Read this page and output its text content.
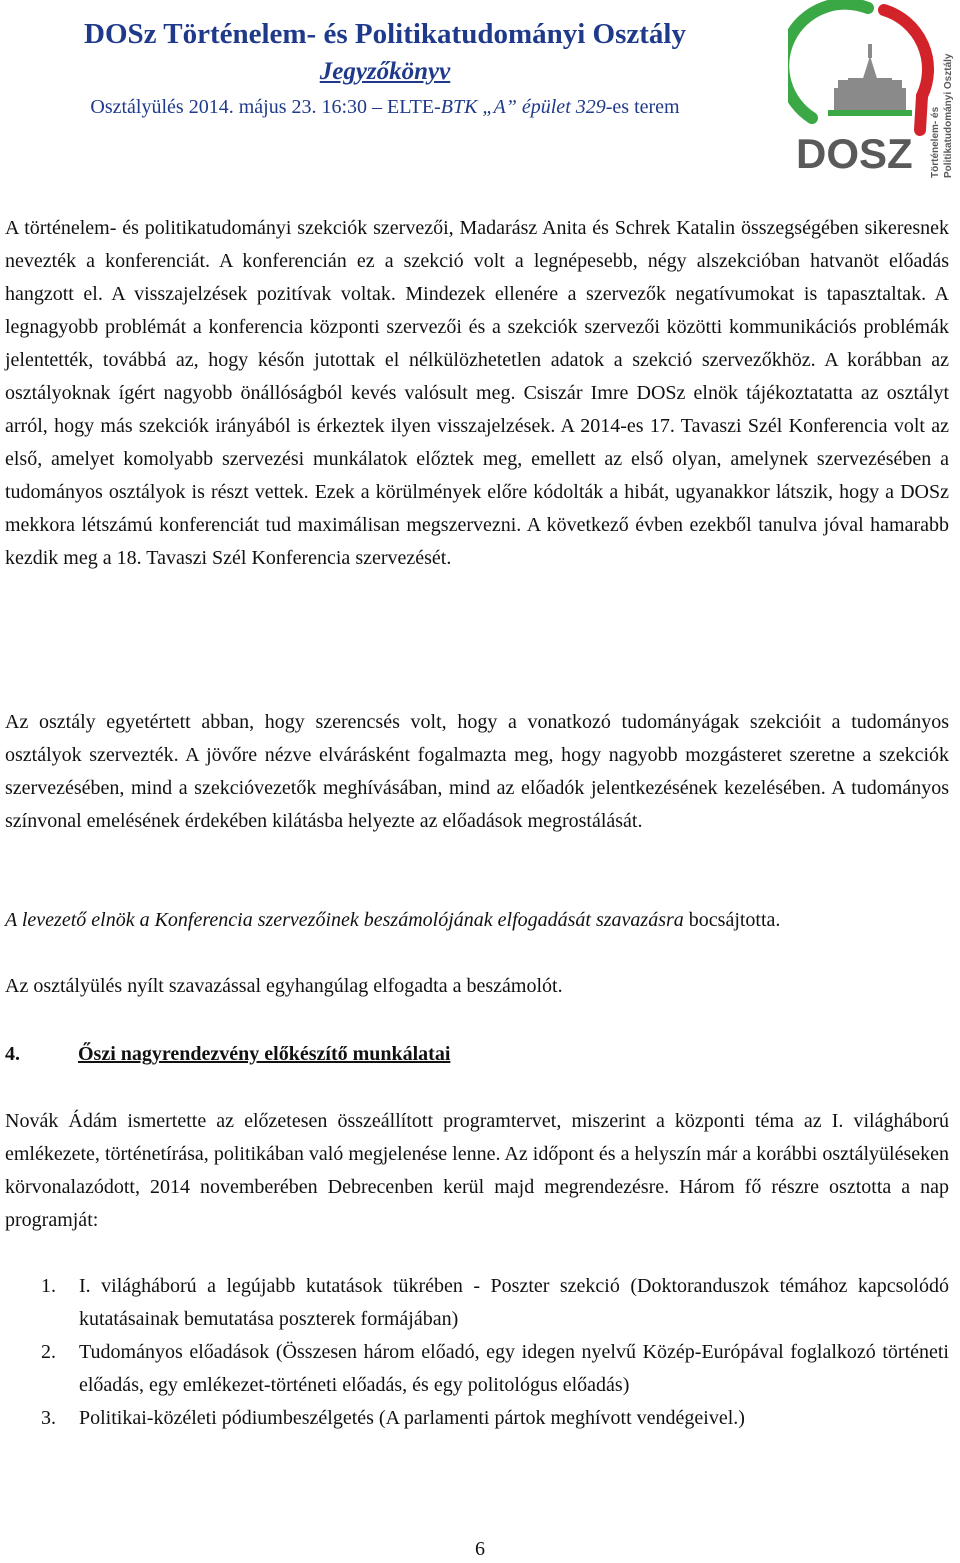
DOSz Történelem- és Politikatudományi Osztály
Jegyzőkönyv
Osztályülés 2014. május 23. 16:30 – ELTE-BTK „A” épület 329-es terem
DOSZ Történelem- és Politikatudományi Osztály
A történelem- és politikatudományi szekciók szervezői, Madarász Anita és Schrek Katalin összegségében sikeresnek nevezték a konferenciát. A konferencián ez a szekció volt a legnépesebb, négy alszekcióban hatvanöt előadás hangzott el. A visszajelzések pozitívak voltak. Mindezek ellenére a szervezők negatívumokat is tapasztaltak. A legnagyobb problémát a konferencia központi szervezői és a szekciók szervezői közötti kommunikációs problémák jelentették, továbbá az, hogy későn jutottak el nélkülözhetetlen adatok a szekció szervezőkhöz. A korábban az osztályoknak ígért nagyobb önállóságból kevés valósult meg. Csiszár Imre DOSz elnök tájékoztatatta az osztályt arról, hogy más szekciók irányából is érkeztek ilyen visszajelzések. A 2014-es 17. Tavaszi Szél Konferencia volt az első, amelyet komolyabb szervezési munkálatok előztek meg, emellett az első olyan, amelynek szervezésében a tudományos osztályok is részt vettek. Ezek a körülmények előre kódolták a hibát, ugyanakkor látszik, hogy a DOSz mekkora létszámú konferenciát tud maximálisan megszervezni. A következő évben ezekből tanulva jóval hamarabb kezdik meg a 18. Tavaszi Szél Konferencia szervezését.
Az osztály egyetértett abban, hogy szerencsés volt, hogy a vonatkozó tudományágak szekcióit a tudományos osztályok szervezték. A jövőre nézve elvárásként fogalmazta meg, hogy nagyobb mozgásteret szeretne a szekciók szervezésében, mind a szekcióvezetők meghívásában, mind az előadók jelentkezésének kezelésében. A tudományos színvonal emelésének érdekében kilátásba helyezte az előadások megrostálását.
A levezető elnök a Konferencia szervezőinek beszámolójának elfogadását szavazásra bocsájtotta.
Az osztályülés nyílt szavazással egyhangúlag elfogadta a beszámolót.
4.	Őszi nagyrendezvény előkészítő munkálatai
Novák Ádám ismertette az előzetesen összeállított programtervet, miszerint a központi téma az I. világháború emlékezete, történetírása, politikában való megjelenése lenne. Az időpont és a helyszín már a korábbi osztályüléseken körvonalazódott, 2014 novemberében Debrecenben kerül majd megrendezésre. Három fő részre osztotta a nap programját:
1. I. világháború a legújabb kutatások tükrében - Poszter szekció (Doktoranduszok témához kapcsolódó kutatásainak bemutatása poszterek formájában)
2. Tudományos előadások (Összesen három előadó, egy idegen nyelvű Közép-Európával foglalkozó történeti előadás, egy emlékezet-történeti előadás, és egy politológus előadás)
3. Politikai-közéleti pódiumbeszélgetés (A parlamenti pártok meghívott vendégeivel.)
6
